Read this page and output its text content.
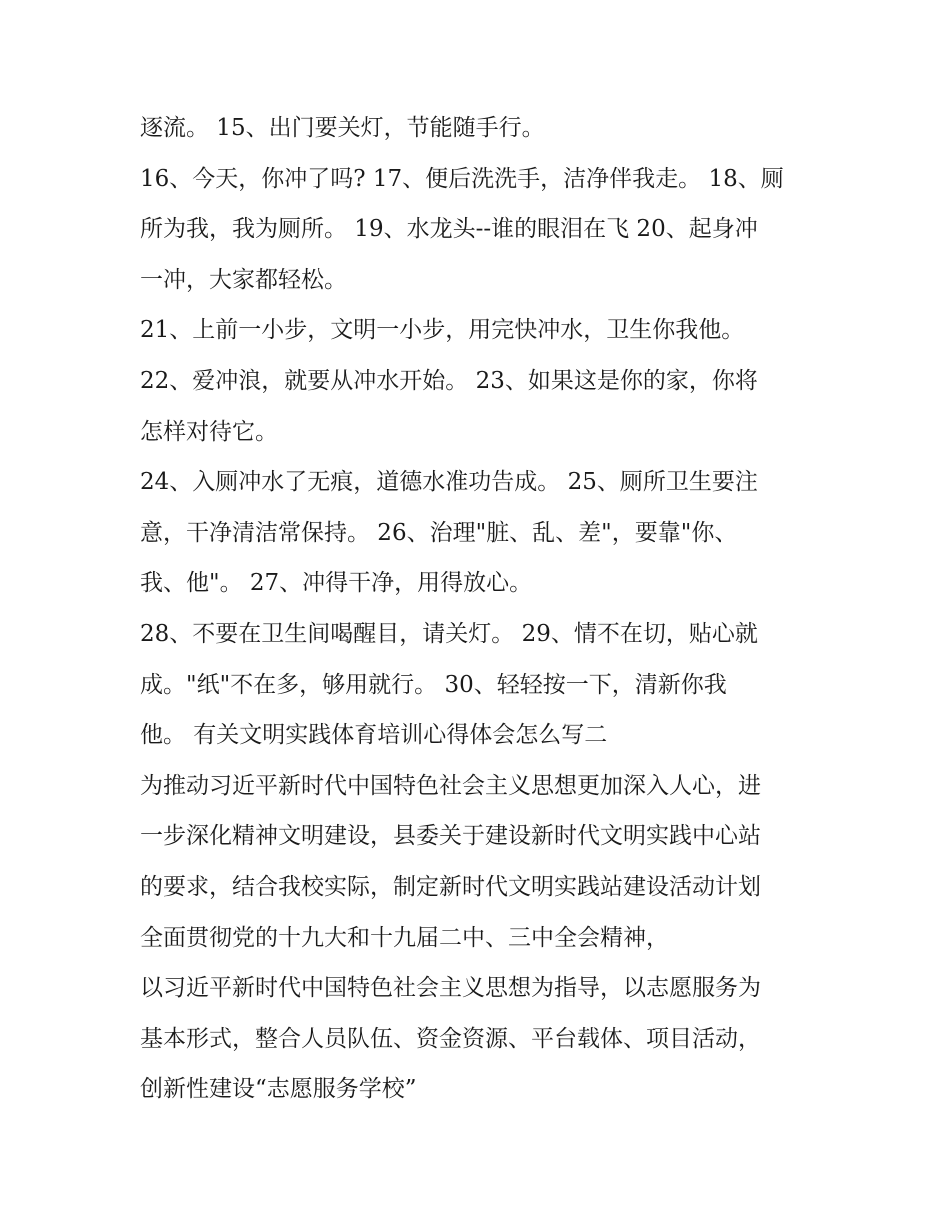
逐流。 15、出门要关灯，节能随手行。
16、今天，你冲了吗? 17、便后洗洗手，洁净伴我走。 18、厕
所为我，我为厕所。 19、水龙头--谁的眼泪在飞 20、起身冲
一冲，大家都轻松。
21、上前一小步，文明一小步，用完快冲水，卫生你我他。
22、爱冲浪，就要从冲水开始。 23、如果这是你的家，你将
怎样对待它。
24、入厕冲水了无痕，道德水准功告成。 25、厕所卫生要注
意，干净清洁常保持。 26、治理"脏、乱、差"，要靠"你、
我、他"。 27、冲得干净，用得放心。
28、不要在卫生间喝醒目，请关灯。 29、情不在切，贴心就
成。"纸"不在多，够用就行。 30、轻轻按一下，清新你我
他。 有关文明实践体育培训心得体会怎么写二
为推动习近平新时代中国特色社会主义思想更加深入人心，进
一步深化精神文明建设，县委关于建设新时代文明实践中心站
的要求，结合我校实际，制定新时代文明实践站建设活动计划
全面贯彻党的十九大和十九届二中、三中全会精神，
以习近平新时代中国特色社会主义思想为指导，以志愿服务为
基本形式，整合人员队伍、资金资源、平台载体、项目活动，
创新性建设“志愿服务学校”
